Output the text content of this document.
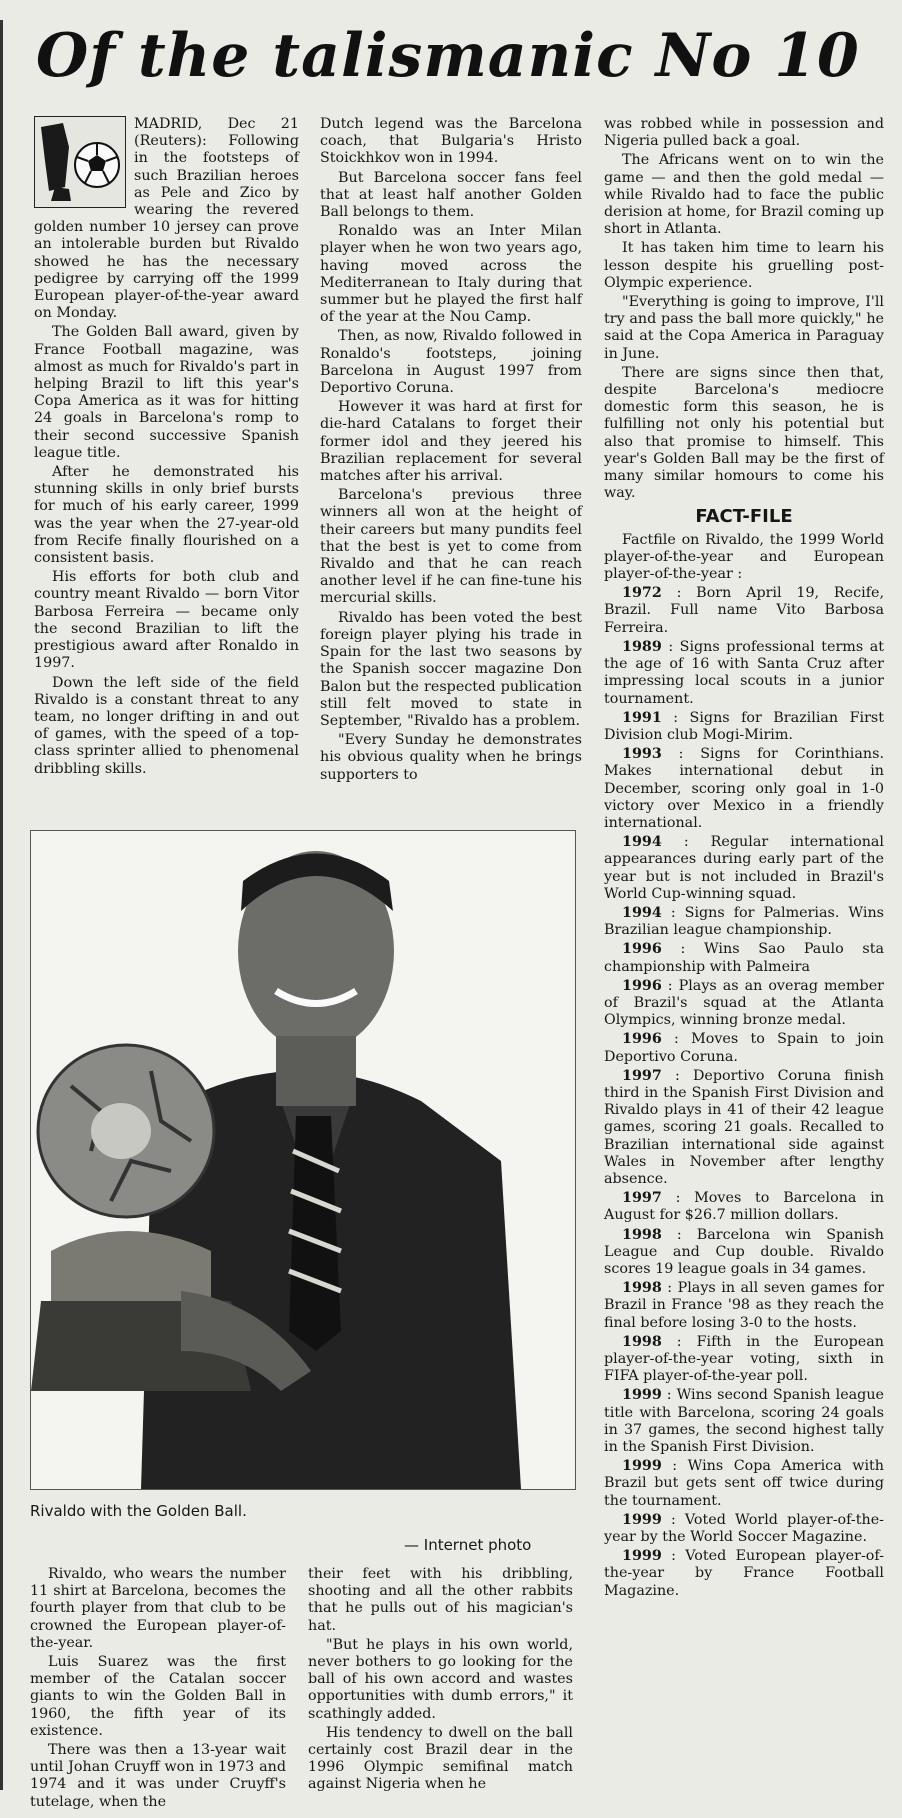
Of the talismanic No 10

MADRID, Dec 21 (Reuters): Following in the footsteps of such Brazilian heroes as Pele and Zico by wearing the revered golden number 10 jersey can prove an intolerable burden but Rivaldo showed he has the necessary pedigree by carrying off the 1999 European player-of-the-year award on Monday.

The Golden Ball award, given by France Football magazine, was almost as much for Rivaldo's part in helping Brazil to lift this year's Copa America as it was for hitting 24 goals in Barcelona's romp to their second successive Spanish league title.

After he demonstrated his stunning skills in only brief bursts for much of his early career, 1999 was the year when the 27-year-old from Recife finally flourished on a consistent basis.

His efforts for both club and country meant Rivaldo — born Vitor Barbosa Ferreira — became only the second Brazilian to lift the prestigious award after Ronaldo in 1997.

Down the left side of the field Rivaldo is a constant threat to any team, no longer drifting in and out of games, with the speed of a top-class sprinter allied to phenomenal dribbling skills.

Dutch legend was the Barcelona coach, that Bulgaria's Hristo Stoickhkov won in 1994.

But Barcelona soccer fans feel that at least half another Golden Ball belongs to them.

Ronaldo was an Inter Milan player when he won two years ago, having moved across the Mediterranean to Italy during that summer but he played the first half of the year at the Nou Camp.

Then, as now, Rivaldo followed in Ronaldo's footsteps, joining Barcelona in August 1997 from Deportivo Coruna.

However it was hard at first for die-hard Catalans to forget their former idol and they jeered his Brazilian replacement for several matches after his arrival.

Barcelona's previous three winners all won at the height of their careers but many pundits feel that the best is yet to come from Rivaldo and that he can reach another level if he can fine-tune his mercurial skills.

Rivaldo has been voted the best foreign player plying his trade in Spain for the last two seasons by the Spanish soccer magazine Don Balon but the respected publication still felt moved to state in September, "Rivaldo has a problem.

"Every Sunday he demonstrates his obvious quality when he brings supporters to

was robbed while in possession and Nigeria pulled back a goal.

The Africans went on to win the game — and then the gold medal — while Rivaldo had to face the public derision at home, for Brazil coming up short in Atlanta.

It has taken him time to learn his lesson despite his gruelling post-Olympic experience.

"Everything is going to improve, I'll try and pass the ball more quickly," he said at the Copa America in Paraguay in June.

There are signs since then that, despite Barcelona's mediocre domestic form this season, he is fulfilling not only his potential but also that promise to himself. This year's Golden Ball may be the first of many similar homours to come his way.

FACT-FILE

Factfile on Rivaldo, the 1999 World player-of-the-year and European player-of-the-year :

1972 : Born April 19, Recife, Brazil. Full name Vito Barbosa Ferreira.

1989 : Signs professional terms at the age of 16 with Santa Cruz after impressing local scouts in a junior tournament.

1991 : Signs for Brazilian First Division club Mogi-Mirim.

1993 : Signs for Corinthians. Makes international debut in December, scoring only goal in 1-0 victory over Mexico in a friendly international.

1994 : Regular international appearances during early part of the year but is not included in Brazil's World Cup-winning squad.

1994 : Signs for Palmerias. Wins Brazilian league championship.

1996 : Wins Sao Paulo sta championship with Palmeira

1996 : Plays as an overag member of Brazil's squad at the Atlanta Olympics, winning bronze medal.

1996 : Moves to Spain to join Deportivo Coruna.

1997 : Deportivo Coruna finish third in the Spanish First Division and Rivaldo plays in 41 of their 42 league games, scoring 21 goals. Recalled to Brazilian international side against Wales in November after lengthy absence.

1997 : Moves to Barcelona in August for $26.7 million dollars.

1998 : Barcelona win Spanish League and Cup double. Rivaldo scores 19 league goals in 34 games.

1998 : Plays in all seven games for Brazil in France '98 as they reach the final before losing 3-0 to the hosts.

1998 : Fifth in the European player-of-the-year voting, sixth in FIFA player-of-the-year poll.

1999 : Wins second Spanish league title with Barcelona, scoring 24 goals in 37 games, the second highest tally in the Spanish First Division.

1999 : Wins Copa America with Brazil but gets sent off twice during the tournament.

1999 : Voted World player-of-the-year by the World Soccer Magazine.

1999 : Voted European player-of-the-year by France Football Magazine.

Rivaldo with the Golden Ball.
— Internet photo

Rivaldo, who wears the number 11 shirt at Barcelona, becomes the fourth player from that club to be crowned the European player-of-the-year.

Luis Suarez was the first member of the Catalan soccer giants to win the Golden Ball in 1960, the fifth year of its existence.

There was then a 13-year wait until Johan Cruyff won in 1973 and 1974 and it was under Cruyff's tutelage, when the

their feet with his dribbling, shooting and all the other rabbits that he pulls out of his magician's hat.

"But he plays in his own world, never bothers to go looking for the ball of his own accord and wastes opportunities with dumb errors," it scathingly added.

His tendency to dwell on the ball certainly cost Brazil dear in the 1996 Olympic semifinal match against Nigeria when he
